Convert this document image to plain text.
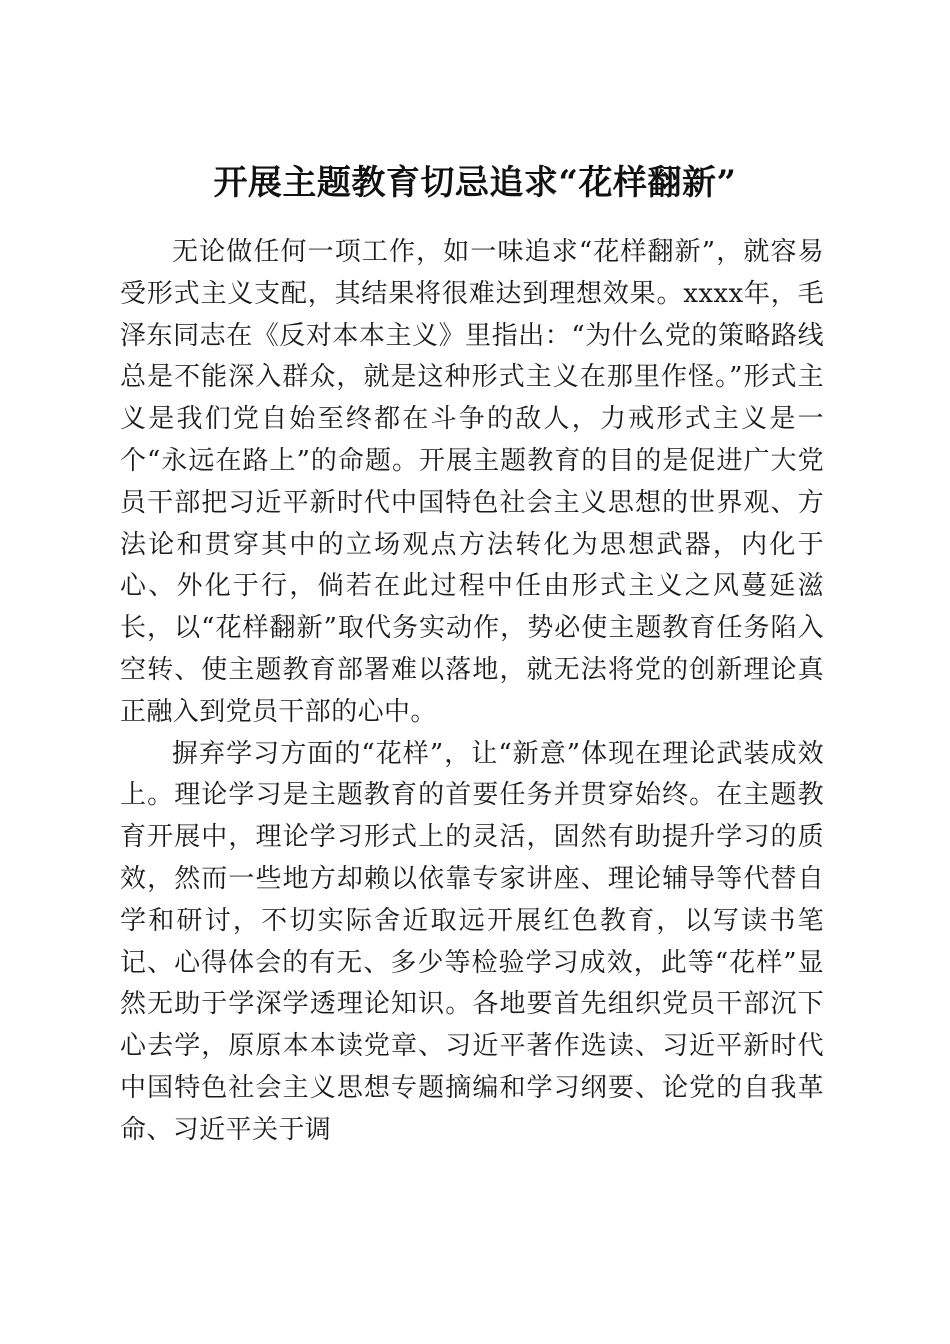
开展主题教育切忌追求“花样翻新”

无论做任何一项工作，如一味追求“花样翻新”，就容易受形式主义支配，其结果将很难达到理想效果。xxxx年，毛泽东同志在《反对本本主义》里指出：“为什么党的策略路线总是不能深入群众，就是这种形式主义在那里作怪。”形式主义是我们党自始至终都在斗争的敌人，力戒形式主义是一个“永远在路上”的命题。开展主题教育的目的是促进广大党员干部把习近平新时代中国特色社会主义思想的世界观、方法论和贯穿其中的立场观点方法转化为思想武器，内化于心、外化于行，倘若在此过程中任由形式主义之风蔓延滋长，以“花样翻新”取代务实动作，势必使主题教育任务陷入空转、使主题教育部署难以落地，就无法将党的创新理论真正融入到党员干部的心中。

摒弃学习方面的“花样”，让“新意”体现在理论武装成效上。理论学习是主题教育的首要任务并贯穿始终。在主题教育开展中，理论学习形式上的灵活，固然有助提升学习的质效，然而一些地方却赖以依靠专家讲座、理论辅导等代替自学和研讨，不切实际舍近取远开展红色教育，以写读书笔记、心得体会的有无、多少等检验学习成效，此等“花样”显然无助于学深学透理论知识。各地要首先组织党员干部沉下心去学，原原本本读党章、习近平著作选读、习近平新时代中国特色社会主义思想专题摘编和学习纲要、论党的自我革命、习近平关于调
